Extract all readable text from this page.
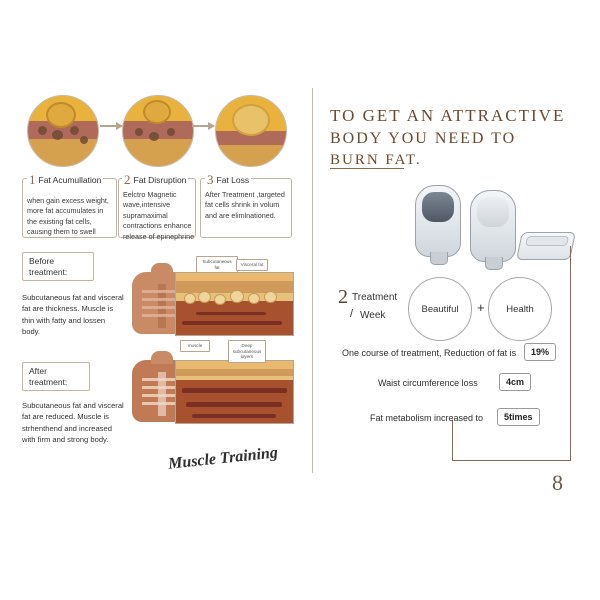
1 Fat Acumullation 2 Fat Disruption 3 Fat Loss
when gain excess weight, more fat accumulates in the existing fat cells, causing them to swell
Eelctro Magnetic wave,intensive supramaximal contractions enhance release of epinephrine
After Treatment ,targeted fat cells shrink in volum and are elimlnationed.
Before treatment:
Subcutaneous fat and visceral fat are thickness. Muscle is thin with fatty and lossen body.
After treatment:
Subcutaneous fat and visceral fat are reduced. Muscle is strhenthend and increased with firm and strong body.
Subcutaneous fat
Visceral fat
muscle	Deep subcutaneous layers
Muscle Training
TO GET AN ATTRACTIVE
BODY YOU NEED TO
BURN FAT.
2 Treatment
/ Week
Beautiful	+	Health
One course of treatment, Reduction of fat is	19%
Waist circumference loss	4cm
Fat metabolism increased to	5times
8
